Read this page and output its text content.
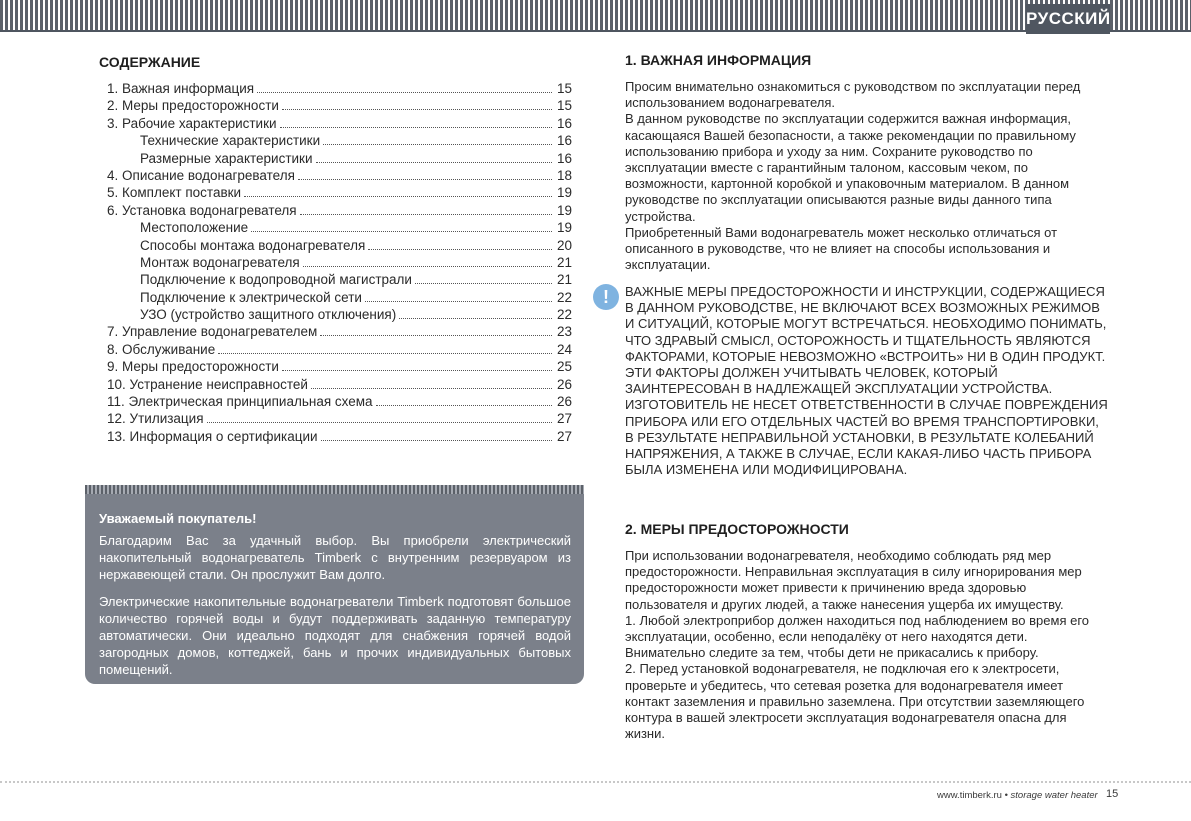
РУССКИЙ
СОДЕРЖАНИЕ
1. Важная информация	15
2. Меры предосторожности	15
3. Рабочие характеристики	16
Технические характеристики	16
Размерные характеристики	16
4. Описание водонагревателя	18
5. Комплект поставки	19
6. Установка водонагревателя	19
Местоположение	19
Способы монтажа водонагревателя	20
Монтаж водонагревателя	21
Подключение к водопроводной магистрали	21
Подключение к электрической сети	22
УЗО (устройство защитного отключения)	22
7. Управление водонагревателем	23
8. Обслуживание	24
9. Меры предосторожности	25
10. Устранение неисправностей	26
11. Электрическая принципиальная схема	26
12. Утилизация	27
13. Информация о сертификации	27
Уважаемый покупатель!
Благодарим Вас за удачный выбор. Вы приобрели электрический накопительный водонагреватель Timberk с внутренним резервуаром из нержавеющей стали. Он прослужит Вам долго.
Электрические накопительные водонагреватели Timberk подготовят большое количество горячей воды и будут поддерживать заданную температуру автоматически. Они идеально подходят для снабжения горячей водой загородных домов, коттеджей, бань и прочих индивидуальных бытовых помещений.
1. ВАЖНАЯ ИНФОРМАЦИЯ

Просим внимательно ознакомиться с руководством по эксплуатации перед использованием водонагревателя.

В данном руководстве по эксплуатации содержится важная информация, касающаяся Вашей безопасности, а также рекомендации по правильному использованию прибора и уходу за ним. Сохраните руководство по эксплуатации вместе с гарантийным талоном, кассовым чеком, по возможности, картонной коробкой и упаковочным материалом. В данном руководстве по эксплуатации описываются разные виды данного типа устройства.

Приобретенный Вами водонагреватель может несколько отличаться от описанного в руководстве, что не влияет на способы использования и эксплуатации.

!	ВАЖНЫЕ МЕРЫ ПРЕДОСТОРОЖНОСТИ И ИНСТРУКЦИИ, СОДЕРЖАЩИЕСЯ В ДАННОМ РУКОВОДСТВЕ, НЕ ВКЛЮЧАЮТ ВСЕХ ВОЗМОЖНЫХ РЕЖИМОВ И СИТУАЦИЙ, КОТОРЫЕ МОГУТ ВСТРЕЧАТЬСЯ. НЕОБХОДИМО ПОНИМАТЬ, ЧТО ЗДРАВЫЙ СМЫСЛ, ОСТОРОЖНОСТЬ И ТЩАТЕЛЬНОСТЬ ЯВЛЯЮТСЯ ФАКТОРАМИ, КОТОРЫЕ НЕВОЗМОЖНО «ВСТРОИТЬ» НИ В ОДИН ПРОДУКТ. ЭТИ ФАКТОРЫ ДОЛЖЕН УЧИТЫВАТЬ ЧЕЛОВЕК, КОТОРЫЙ ЗАИНТЕРЕСОВАН В НАДЛЕЖАЩЕЙ ЭКСПЛУАТАЦИИ УСТРОЙСТВА. ИЗГОТОВИТЕЛЬ НЕ НЕСЕТ ОТВЕТСТВЕННОСТИ В СЛУЧАЕ ПОВРЕЖДЕНИЯ ПРИБОРА ИЛИ ЕГО ОТДЕЛЬНЫХ ЧАСТЕЙ ВО ВРЕМЯ ТРАНСПОРТИРОВКИ, В РЕЗУЛЬТАТЕ НЕПРАВИЛЬНОЙ УСТАНОВКИ, В РЕЗУЛЬТАТЕ КОЛЕБАНИЙ НАПРЯЖЕНИЯ, А ТАКЖЕ В СЛУЧАЕ, ЕСЛИ КАКАЯ-ЛИБО ЧАСТЬ ПРИБОРА БЫЛА ИЗМЕНЕНА ИЛИ МОДИФИЦИРОВАНА.
2. МЕРЫ ПРЕДОСТОРОЖНОСТИ

При использовании водонагревателя, необходимо соблюдать ряд мер предосторожности. Неправильная эксплуатация в силу игнорирования мер предосторожности может привести к причинению вреда здоровью пользователя и других людей, а также нанесения ущерба их имуществу.

1. Любой электроприбор должен находиться под наблюдением во время его эксплуатации, особенно, если неподалёку от него находятся дети. Внимательно следите за тем, чтобы дети не прикасались к прибору.

2. Перед установкой водонагревателя, не подключая его к электросети, проверьте и убедитесь, что сетевая розетка для водонагревателя имеет контакт заземления и правильно заземлена. При отсутствии заземляющего контура в вашей электросети эксплуатация водонагревателя опасна для жизни.

www.timberk.ru • storage water heater 15
